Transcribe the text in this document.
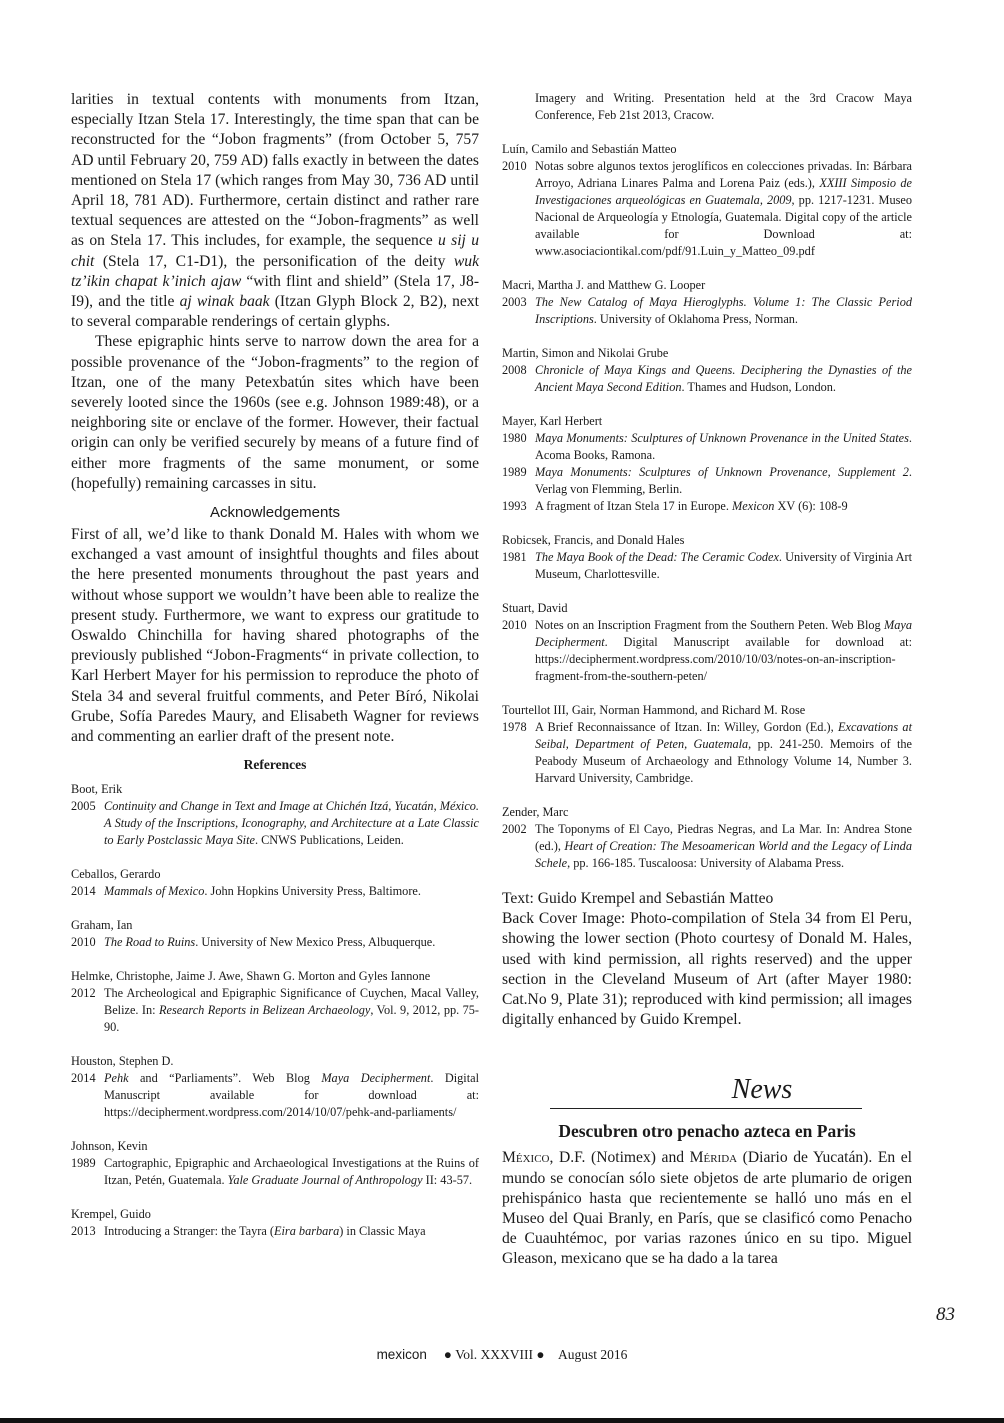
larities in textual contents with monuments from Itzan, especially Itzan Stela 17. Interestingly, the time span that can be reconstructed for the “Jobon fragments” (from October 5, 757 AD until February 20, 759 AD) falls exactly in between the dates mentioned on Stela 17 (which ranges from May 30, 736 AD until April 18, 781 AD). Furthermore, certain distinct and rather rare textual sequences are attested on the “Jobon-fragments” as well as on Stela 17. This includes, for example, the sequence u sij u chit (Stela 17, C1-D1), the personification of the deity wuk tz’ikin chapat k’inich ajaw “with flint and shield” (Stela 17, J8-I9), and the title aj winak baak (Itzan Glyph Block 2, B2), next to several comparable renderings of certain glyphs.

These epigraphic hints serve to narrow down the area for a possible provenance of the “Jobon-fragments” to the region of Itzan, one of the many Petexbatún sites which have been severely looted since the 1960s (see e.g. Johnson 1989:48), or a neighboring site or enclave of the former. However, their factual origin can only be verified securely by means of a future find of either more fragments of the same monument, or some (hopefully) remaining carcasses in situ.

Acknowledgements

First of all, we’d like to thank Donald M. Hales with whom we exchanged a vast amount of insightful thoughts and files about the here presented monuments throughout the past years and without whose support we wouldn’t have been able to realize the present study. Furthermore, we want to express our gratitude to Oswaldo Chinchilla for having shared photographs of the previously published “Jobon-Fragments“ in private collection, to Karl Herbert Mayer for his permission to reproduce the photo of Stela 34 and several fruitful comments, and Peter Bíró, Nikolai Grube, Sofía Paredes Maury, and Elisabeth Wagner for reviews and commenting an earlier draft of the present note.

References
Boot, Erik
2005 Continuity and Change in Text and Image at Chichén Itzá, Yucatán, México. A Study of the Inscriptions, Iconography, and Architecture at a Late Classic to Early Postclassic Maya Site. CNWS Publications, Leiden.
Ceballos, Gerardo
2014 Mammals of Mexico. John Hopkins University Press, Baltimore.
Graham, Ian
2010 The Road to Ruins. University of New Mexico Press, Albuquerque.
Helmke, Christophe, Jaime J. Awe, Shawn G. Morton and Gyles Iannone
2012 The Archeological and Epigraphic Significance of Cuychen, Macal Valley, Belize. In: Research Reports in Belizean Archaeology, Vol. 9, 2012, pp. 75-90.
Houston, Stephen D.
2014 Pehk and “Parliaments”. Web Blog Maya Decipherment. Digital Manuscript available for download at: https://decipherment.wordpress.com/2014/10/07/pehk-and-parliaments/
Johnson, Kevin
1989 Cartographic, Epigraphic and Archaeological Investigations at the Ruins of Itzan, Petén, Guatemala. Yale Graduate Journal of Anthropology II: 43-57.
Krempel, Guido
2013 Introducing a Stranger: the Tayra (Eira barbara) in Classic Maya
Imagery and Writing. Presentation held at the 3rd Cracow Maya Conference, Feb 21st 2013, Cracow.
Luín, Camilo and Sebastián Matteo
2010 Notas sobre algunos textos jeroglíficos en colecciones privadas. In: Bárbara Arroyo, Adriana Linares Palma and Lorena Paiz (eds.), XXIII Simposio de Investigaciones arqueológicas en Guatemala, 2009, pp. 1217-1231. Museo Nacional de Arqueología y Etnología, Guatemala. Digital copy of the article available for Download at: www.asociaciontikal.com/pdf/91.Luin_y_Matteo_09.pdf
Macri, Martha J. and Matthew G. Looper
2003 The New Catalog of Maya Hieroglyphs. Volume 1: The Classic Period Inscriptions. University of Oklahoma Press, Norman.
Martin, Simon and Nikolai Grube
2008 Chronicle of Maya Kings and Queens. Deciphering the Dynasties of the Ancient Maya Second Edition. Thames and Hudson, London.
Mayer, Karl Herbert
1980 Maya Monuments: Sculptures of Unknown Provenance in the United States. Acoma Books, Ramona.
1989 Maya Monuments: Sculptures of Unknown Provenance, Supplement 2. Verlag von Flemming, Berlin.
1993 A fragment of Itzan Stela 17 in Europe. Mexicon XV (6): 108-9
Robicsek, Francis, and Donald Hales
1981 The Maya Book of the Dead: The Ceramic Codex. University of Virginia Art Museum, Charlottesville.
Stuart, David
2010 Notes on an Inscription Fragment from the Southern Peten. Web Blog Maya Decipherment. Digital Manuscript available for download at: https://decipherment.wordpress.com/2010/10/03/notes-on-an-inscription-fragment-from-the-southern-peten/
Tourtellot III, Gair, Norman Hammond, and Richard M. Rose
1978 A Brief Reconnaissance of Itzan. In: Willey, Gordon (Ed.), Excavations at Seibal, Department of Peten, Guatemala, pp. 241-250. Memoirs of the Peabody Museum of Archaeology and Ethnology Volume 14, Number 3. Harvard University, Cambridge.
Zender, Marc
2002 The Toponyms of El Cayo, Piedras Negras, and La Mar. In: Andrea Stone (ed.), Heart of Creation: The Mesoamerican World and the Legacy of Linda Schele, pp. 166-185. Tuscaloosa: University of Alabama Press.

Text: Guido Krempel and Sebastián Matteo

Back Cover Image: Photo-compilation of Stela 34 from El Peru, showing the lower section (Photo courtesy of Donald M. Hales, used with kind permission, all rights reserved) and the upper section in the Cleveland Museum of Art (after Mayer 1980: Cat.No 9, Plate 31); reproduced with kind permission; all images digitally enhanced by Guido Krempel.

News
Descubren otro penacho azteca en Paris

México, D.F. (Notimex) and Mérida (Diario de Yucatán). En el mundo se conocían sólo siete objetos de arte plumario de origen prehispánico hasta que recientemente se halló uno más en el Museo del Quai Branly, en París, que se clasificó como Penacho de Cuauhtémoc, por varias razones único en su tipo. Miguel Gleason, mexicano que se ha dado a la tarea

83
mexicon ● Vol. XXXVIII ● August 2016
